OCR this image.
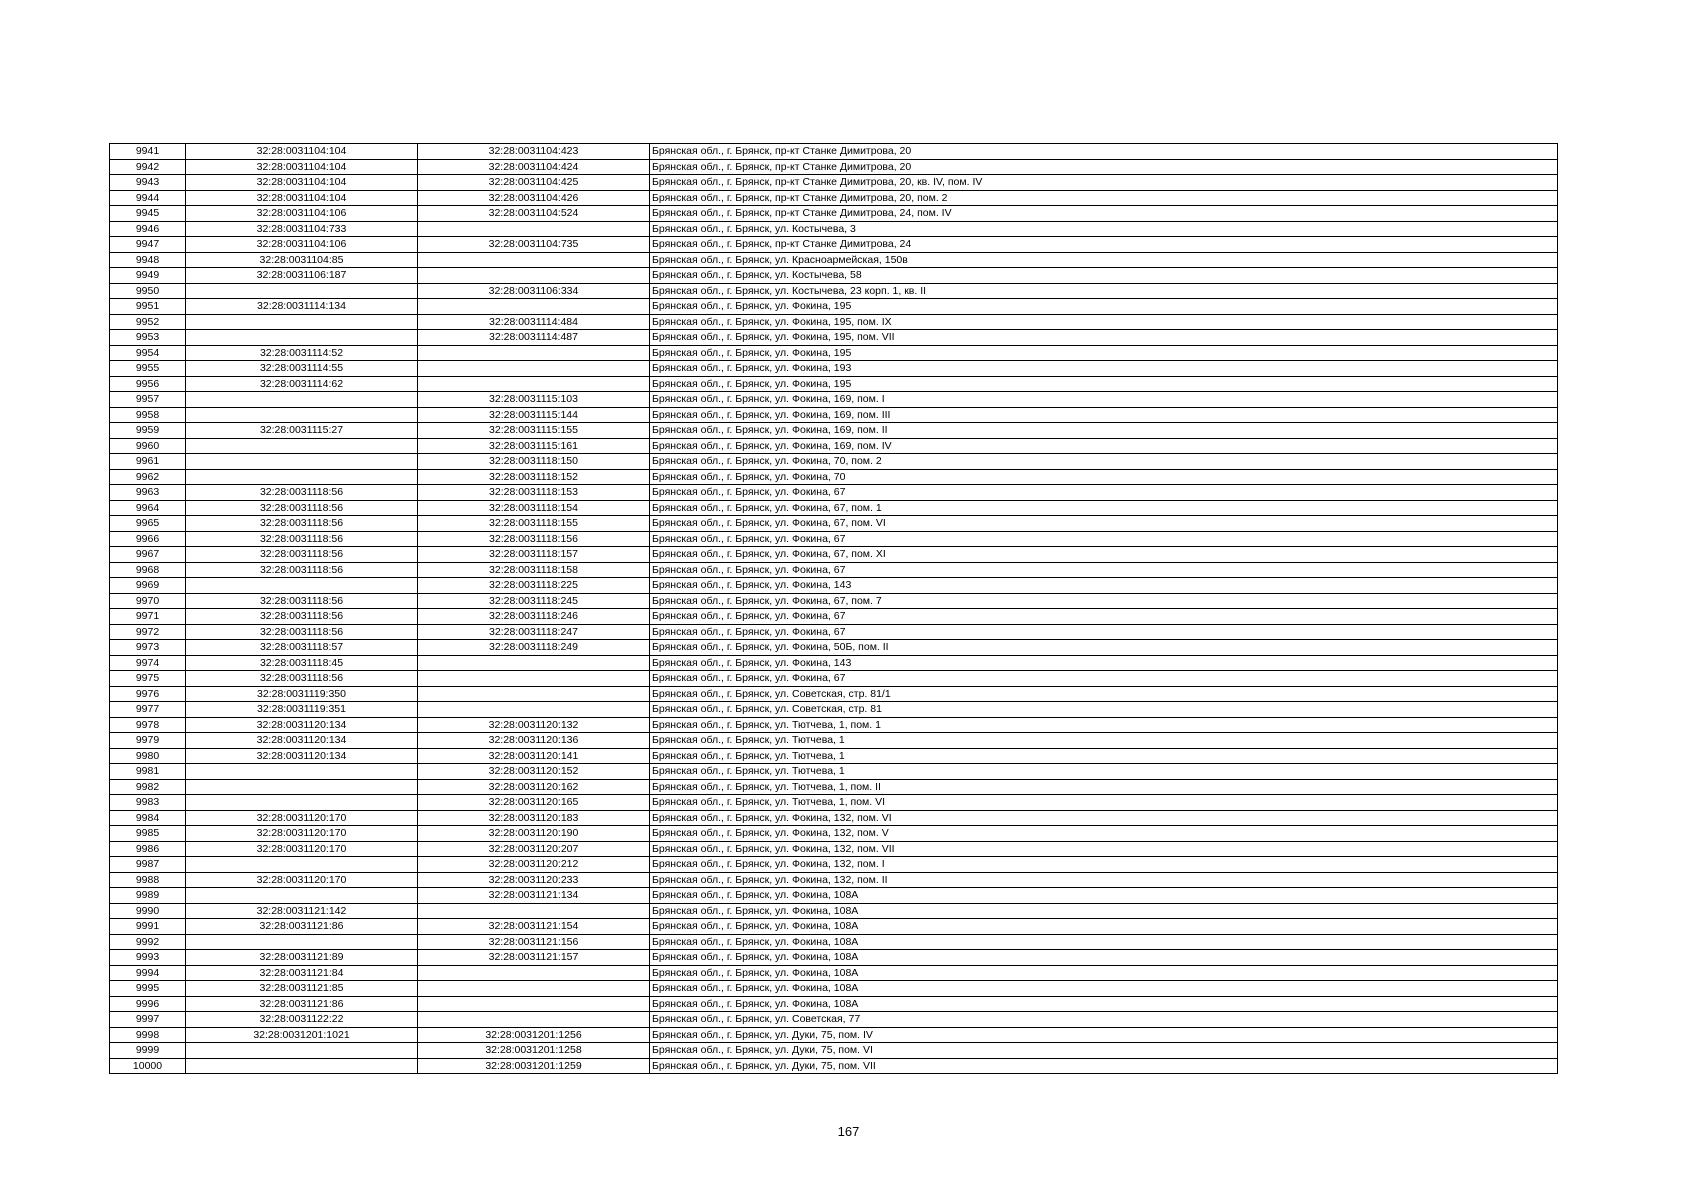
9941	32:28:0031104:104	32:28:0031104:423	Брянская обл., г. Брянск, пр-кт Станке Димитрова, 20
9942	32:28:0031104:104	32:28:0031104:424	Брянская обл., г. Брянск, пр-кт Станке Димитрова, 20
9943	32:28:0031104:104	32:28:0031104:425	Брянская обл., г. Брянск, пр-кт Станке Димитрова, 20, кв. IV, пом. IV
9944	32:28:0031104:104	32:28:0031104:426	Брянская обл., г. Брянск, пр-кт Станке Димитрова, 20, пом. 2
9945	32:28:0031104:106	32:28:0031104:524	Брянская обл., г. Брянск, пр-кт Станке Димитрова, 24, пом. IV
9946	32:28:0031104:733		Брянская обл., г. Брянск, ул. Костычева, 3
9947	32:28:0031104:106	32:28:0031104:735	Брянская обл., г. Брянск, пр-кт Станке Димитрова, 24
9948	32:28:0031104:85		Брянская обл., г. Брянск, ул. Красноармейская, 150в
9949	32:28:0031106:187		Брянская обл., г. Брянск, ул. Костычева, 58
9950		32:28:0031106:334	Брянская обл., г. Брянск, ул. Костычева, 23 корп. 1, кв. II
9951	32:28:0031114:134		Брянская обл., г. Брянск, ул. Фокина, 195
9952		32:28:0031114:484	Брянская обл., г. Брянск, ул. Фокина, 195, пом. IX
9953		32:28:0031114:487	Брянская обл., г. Брянск, ул. Фокина, 195, пом. VII
9954	32:28:0031114:52		Брянская обл., г. Брянск, ул. Фокина, 195
9955	32:28:0031114:55		Брянская обл., г. Брянск, ул. Фокина, 193
9956	32:28:0031114:62		Брянская обл., г. Брянск, ул. Фокина, 195
9957		32:28:0031115:103	Брянская обл., г. Брянск, ул. Фокина, 169, пом. I
9958		32:28:0031115:144	Брянская обл., г. Брянск, ул. Фокина, 169, пом. III
9959	32:28:0031115:27	32:28:0031115:155	Брянская обл., г. Брянск, ул. Фокина, 169, пом. II
9960		32:28:0031115:161	Брянская обл., г. Брянск, ул. Фокина, 169, пом. IV
9961		32:28:0031118:150	Брянская обл., г. Брянск, ул. Фокина, 70, пом. 2
9962		32:28:0031118:152	Брянская обл., г. Брянск, ул. Фокина, 70
9963	32:28:0031118:56	32:28:0031118:153	Брянская обл., г. Брянск, ул. Фокина, 67
9964	32:28:0031118:56	32:28:0031118:154	Брянская обл., г. Брянск, ул. Фокина, 67, пом. 1
9965	32:28:0031118:56	32:28:0031118:155	Брянская обл., г. Брянск, ул. Фокина, 67, пом. VI
9966	32:28:0031118:56	32:28:0031118:156	Брянская обл., г. Брянск, ул. Фокина, 67
9967	32:28:0031118:56	32:28:0031118:157	Брянская обл., г. Брянск, ул. Фокина, 67, пом. XI
9968	32:28:0031118:56	32:28:0031118:158	Брянская обл., г. Брянск, ул. Фокина, 67
9969		32:28:0031118:225	Брянская обл., г. Брянск, ул. Фокина, 143
9970	32:28:0031118:56	32:28:0031118:245	Брянская обл., г. Брянск, ул. Фокина, 67, пом. 7
9971	32:28:0031118:56	32:28:0031118:246	Брянская обл., г. Брянск, ул. Фокина, 67
9972	32:28:0031118:56	32:28:0031118:247	Брянская обл., г. Брянск, ул. Фокина, 67
9973	32:28:0031118:57	32:28:0031118:249	Брянская обл., г. Брянск, ул. Фокина, 50Б, пом. II
9974	32:28:0031118:45		Брянская обл., г. Брянск, ул. Фокина, 143
9975	32:28:0031118:56		Брянская обл., г. Брянск, ул. Фокина, 67
9976	32:28:0031119:350		Брянская обл., г. Брянск, ул. Советская, стр. 81/1
9977	32:28:0031119:351		Брянская обл., г. Брянск, ул. Советская, стр. 81
9978	32:28:0031120:134	32:28:0031120:132	Брянская обл., г. Брянск, ул. Тютчева, 1, пом. 1
9979	32:28:0031120:134	32:28:0031120:136	Брянская обл., г. Брянск, ул. Тютчева, 1
9980	32:28:0031120:134	32:28:0031120:141	Брянская обл., г. Брянск, ул. Тютчева, 1
9981		32:28:0031120:152	Брянская обл., г. Брянск, ул. Тютчева, 1
9982		32:28:0031120:162	Брянская обл., г. Брянск, ул. Тютчева, 1, пом. II
9983		32:28:0031120:165	Брянская обл., г. Брянск, ул. Тютчева, 1, пом. VI
9984	32:28:0031120:170	32:28:0031120:183	Брянская обл., г. Брянск, ул. Фокина, 132, пом. VI
9985	32:28:0031120:170	32:28:0031120:190	Брянская обл., г. Брянск, ул. Фокина, 132, пом. V
9986	32:28:0031120:170	32:28:0031120:207	Брянская обл., г. Брянск, ул. Фокина, 132, пом. VII
9987		32:28:0031120:212	Брянская обл., г. Брянск, ул. Фокина, 132, пом. I
9988	32:28:0031120:170	32:28:0031120:233	Брянская обл., г. Брянск, ул. Фокина, 132, пом. II
9989		32:28:0031121:134	Брянская обл., г. Брянск, ул. Фокина, 108А
9990	32:28:0031121:142		Брянская обл., г. Брянск, ул. Фокина, 108А
9991	32:28:0031121:86	32:28:0031121:154	Брянская обл., г. Брянск, ул. Фокина, 108А
9992		32:28:0031121:156	Брянская обл., г. Брянск, ул. Фокина, 108А
9993	32:28:0031121:89	32:28:0031121:157	Брянская обл., г. Брянск, ул. Фокина, 108А
9994	32:28:0031121:84		Брянская обл., г. Брянск, ул. Фокина, 108А
9995	32:28:0031121:85		Брянская обл., г. Брянск, ул. Фокина, 108А
9996	32:28:0031121:86		Брянская обл., г. Брянск, ул. Фокина, 108А
9997	32:28:0031122:22		Брянская обл., г. Брянск, ул. Советская, 77
9998	32:28:0031201:1021	32:28:0031201:1256	Брянская обл., г. Брянск, ул. Дуки, 75, пом. IV
9999		32:28:0031201:1258	Брянская обл., г. Брянск, ул. Дуки, 75, пом. VI
10000		32:28:0031201:1259	Брянская обл., г. Брянск, ул. Дуки, 75, пом. VII
167
